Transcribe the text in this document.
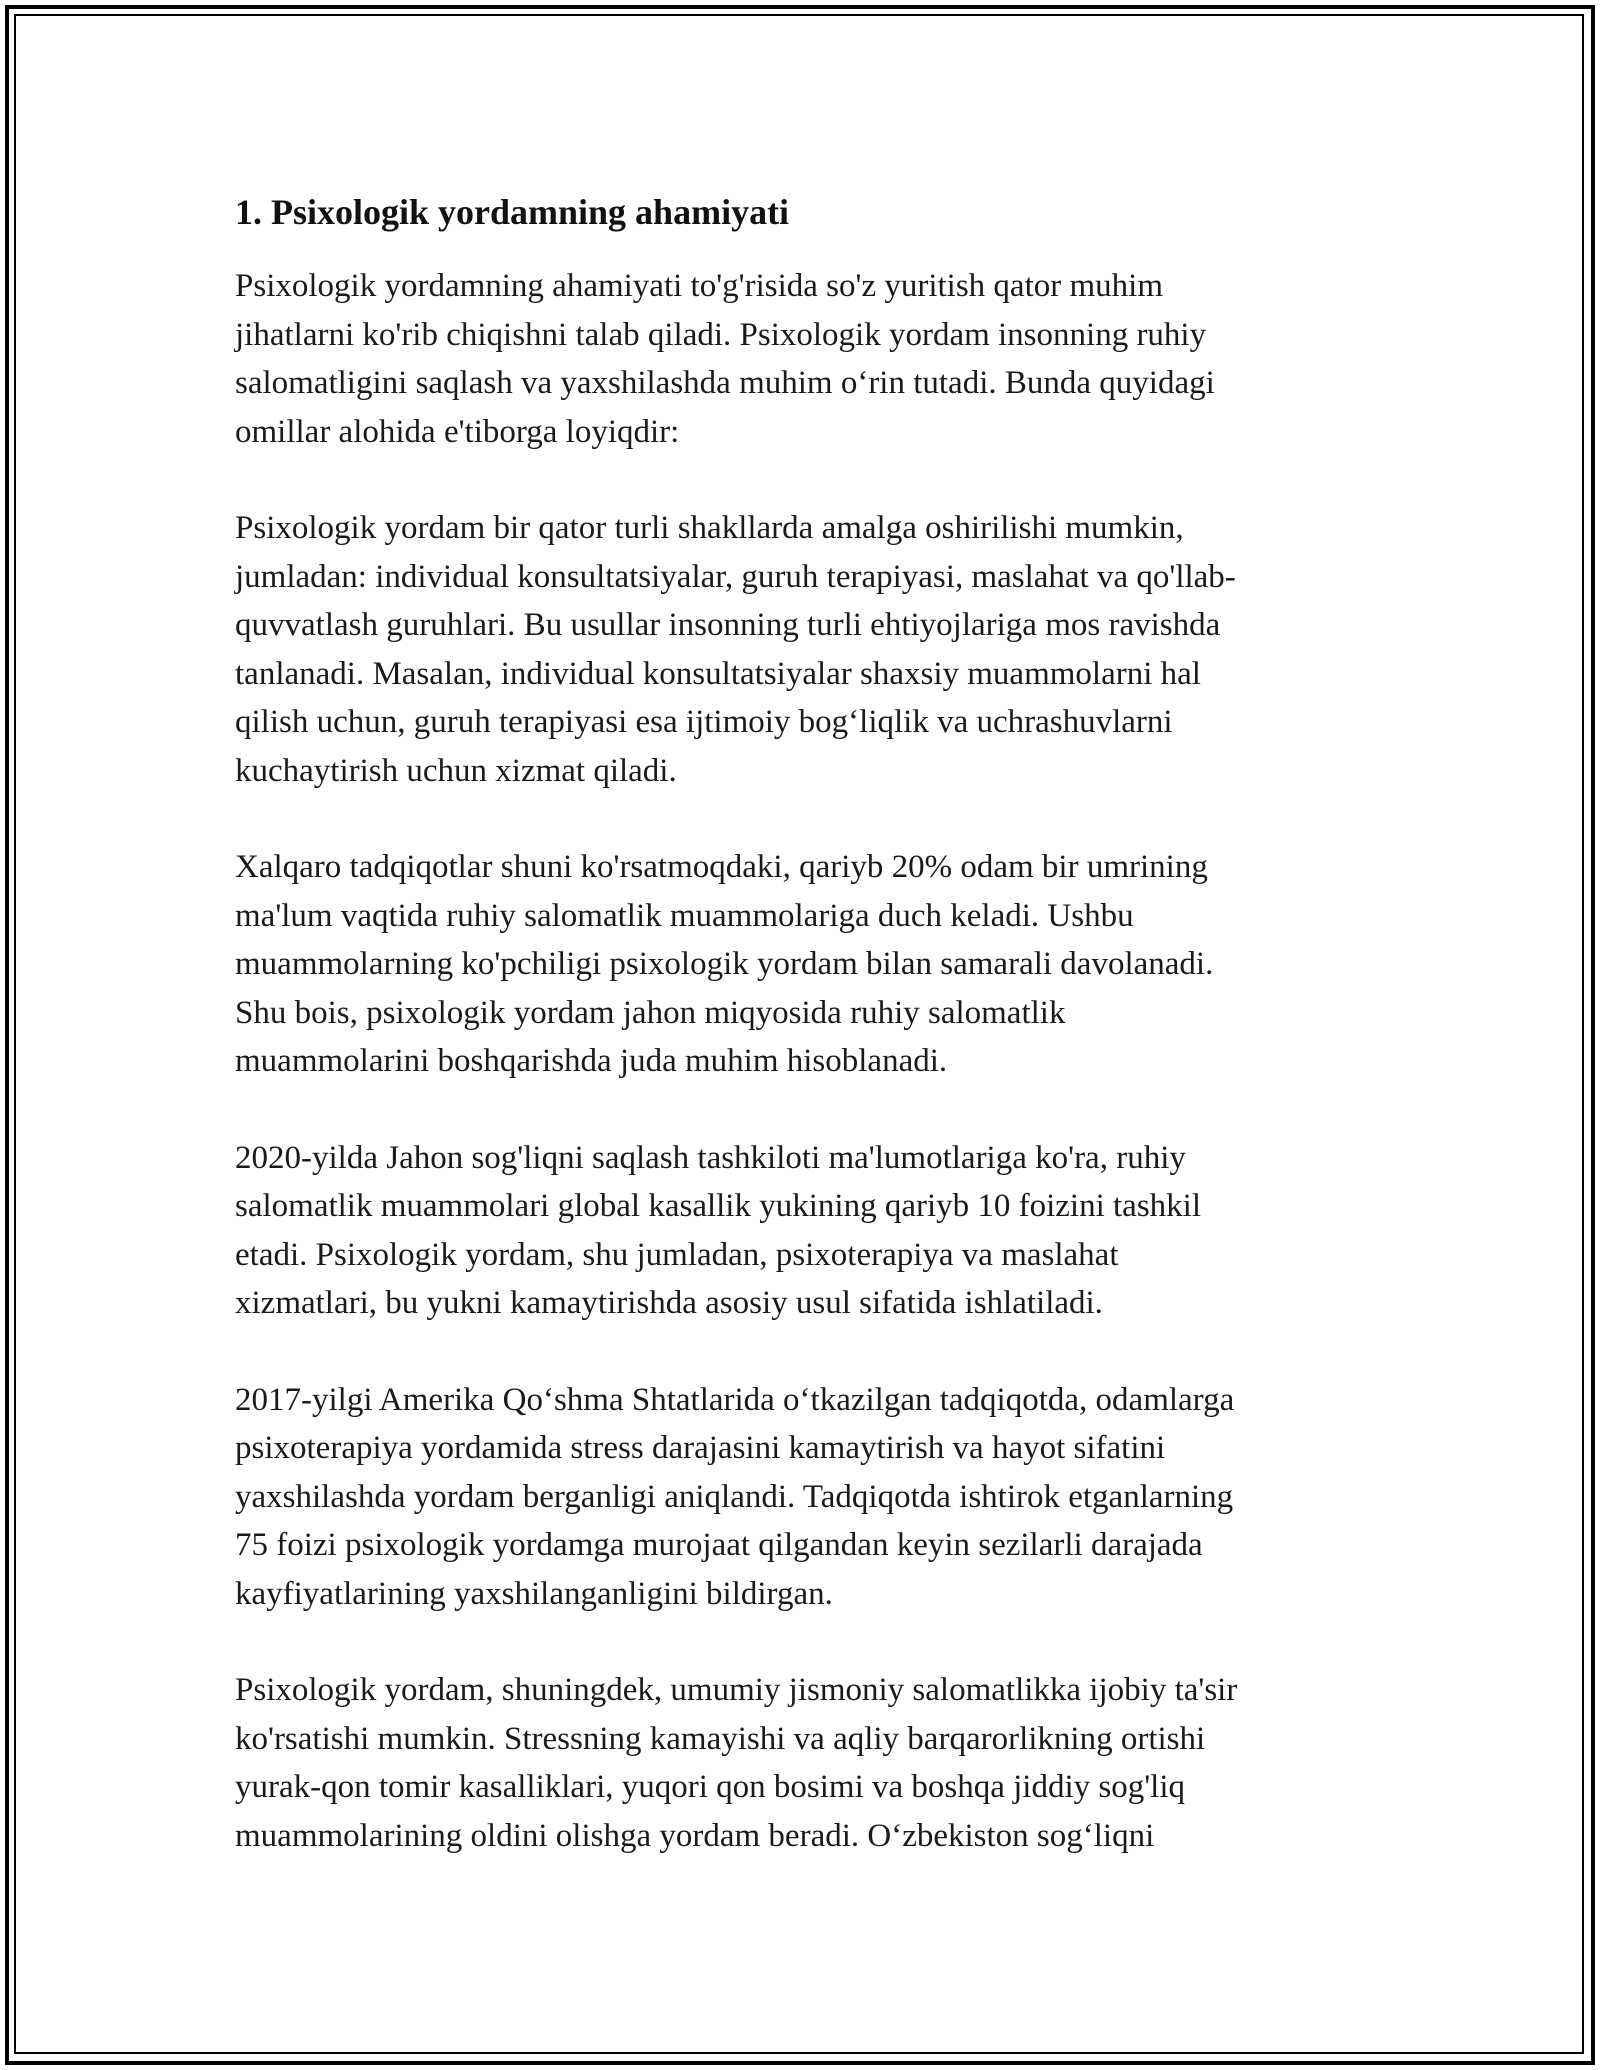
1. Psixologik yordamning ahamiyati

Psixologik yordamning ahamiyati to'g'risida so'z yuritish qator muhim
jihatlarni ko'rib chiqishni talab qiladi. Psixologik yordam insonning ruhiy
salomatligini saqlash va yaxshilashda muhim o‘rin tutadi. Bunda quyidagi
omillar alohida e'tiborga loyiqdir:

Psixologik yordam bir qator turli shakllarda amalga oshirilishi mumkin,
jumladan: individual konsultatsiyalar, guruh terapiyasi, maslahat va qo'llab-
quvvatlash guruhlari. Bu usullar insonning turli ehtiyojlariga mos ravishda
tanlanadi. Masalan, individual konsultatsiyalar shaxsiy muammolarni hal
qilish uchun, guruh terapiyasi esa ijtimoiy bog‘liqlik va uchrashuvlarni
kuchaytirish uchun xizmat qiladi.

Xalqaro tadqiqotlar shuni ko'rsatmoqdaki, qariyb 20% odam bir umrining
ma'lum vaqtida ruhiy salomatlik muammolariga duch keladi. Ushbu
muammolarning ko'pchiligi psixologik yordam bilan samarali davolanadi.
Shu bois, psixologik yordam jahon miqyosida ruhiy salomatlik
muammolarini boshqarishda juda muhim hisoblanadi.

2020-yilda Jahon sog'liqni saqlash tashkiloti ma'lumotlariga ko'ra, ruhiy
salomatlik muammolari global kasallik yukining qariyb 10 foizini tashkil
etadi. Psixologik yordam, shu jumladan, psixoterapiya va maslahat
xizmatlari, bu yukni kamaytirishda asosiy usul sifatida ishlatiladi.

2017-yilgi Amerika Qo‘shma Shtatlarida o‘tkazilgan tadqiqotda, odamlarga
psixoterapiya yordamida stress darajasini kamaytirish va hayot sifatini
yaxshilashda yordam berganligi aniqlandi. Tadqiqotda ishtirok etganlarning
75 foizi psixologik yordamga murojaat qilgandan keyin sezilarli darajada
kayfiyatlarining yaxshilanganligini bildirgan.

Psixologik yordam, shuningdek, umumiy jismoniy salomatlikka ijobiy ta'sir
ko'rsatishi mumkin. Stressning kamayishi va aqliy barqarorlikning ortishi
yurak-qon tomir kasalliklari, yuqori qon bosimi va boshqa jiddiy sog'liq
muammolarining oldini olishga yordam beradi. O‘zbekiston sog‘liqni
